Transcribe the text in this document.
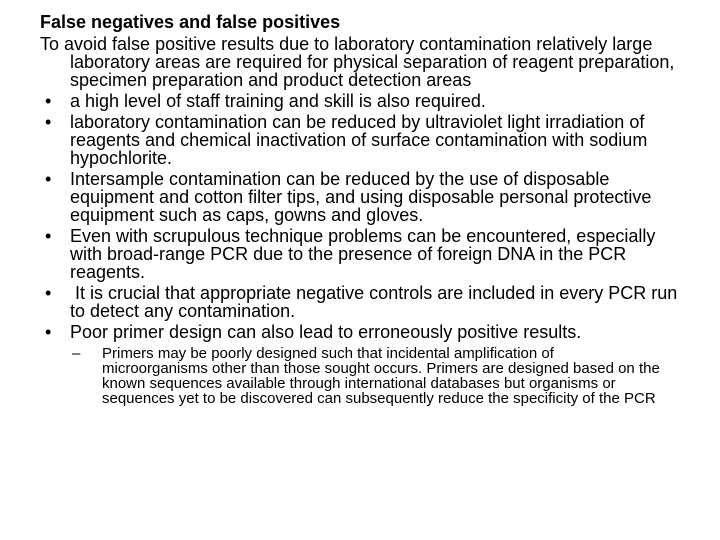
False negatives and false positives

To avoid false positive results due to laboratory contamination relatively large laboratory areas are required for physical separation of reagent preparation, specimen preparation and product detection areas

• a high level of staff training and skill is also required.
• laboratory contamination can be reduced by ultraviolet light irradiation of reagents and chemical inactivation of surface contamination with sodium hypochlorite.
• Intersample contamination can be reduced by the use of disposable equipment and cotton filter tips, and using disposable personal protective equipment such as caps, gowns and gloves.
• Even with scrupulous technique problems can be encountered, especially with broad-range PCR due to the presence of foreign DNA in the PCR reagents.
• It is crucial that appropriate negative controls are included in every PCR run to detect any contamination.
• Poor primer design can also lead to erroneously positive results.
– Primers may be poorly designed such that incidental amplification of microorganisms other than those sought occurs. Primers are designed based on the known sequences available through international databases but organisms or sequences yet to be discovered can subsequently reduce the specificity of the PCR
